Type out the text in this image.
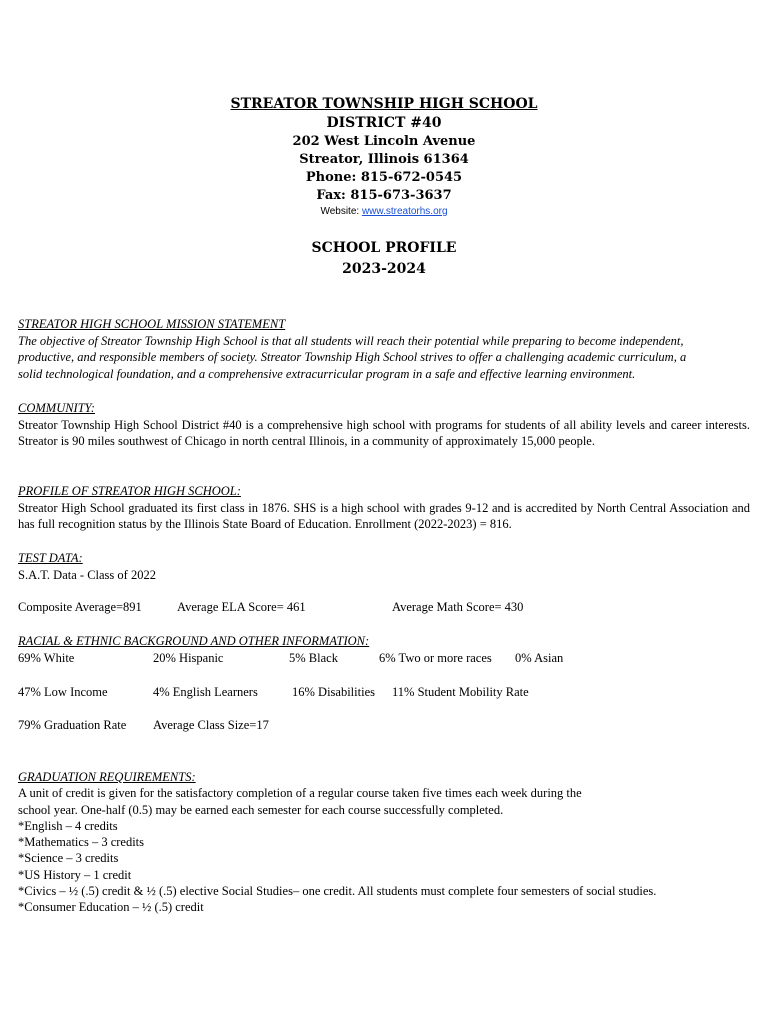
STREATOR TOWNSHIP HIGH SCHOOL
DISTRICT #40
202 West Lincoln Avenue
Streator, Illinois 61364
Phone: 815-672-0545
Fax: 815-673-3637
Website: www.streatorhs.org
SCHOOL PROFILE
2023-2024
STREATOR HIGH SCHOOL MISSION STATEMENT
The objective of Streator Township High School is that all students will reach their potential while preparing to become independent,
productive, and responsible members of society. Streator Township High School strives to offer a challenging academic curriculum, a
solid technological foundation, and a comprehensive extracurricular program in a safe and effective learning environment.
COMMUNITY:
Streator Township High School District #40 is a comprehensive high school with programs for students of all ability levels and career interests. Streator is 90 miles southwest of Chicago in north central Illinois, in a community of approximately 15,000 people.
PROFILE OF STREATOR HIGH SCHOOL:
Streator High School graduated its first class in 1876. SHS is a high school with grades 9-12 and is accredited by North Central Association and has full recognition status by the Illinois State Board of Education. Enrollment (2022-2023) = 816.
TEST DATA:
S.A.T. Data - Class of 2022
Composite Average=891	Average ELA Score= 461	Average Math Score= 430
RACIAL & ETHNIC BACKGROUND AND OTHER INFORMATION:
69% White	20% Hispanic	5% Black	6% Two or more races 0% Asian
47% Low Income	4% English Learners	16% Disabilities 11% Student Mobility Rate
79% Graduation Rate Average Class Size=17
GRADUATION REQUIREMENTS:
A unit of credit is given for the satisfactory completion of a regular course taken five times each week during the
school year. One-half (0.5) may be earned each semester for each course successfully completed.
*English – 4 credits
*Mathematics – 3 credits
*Science – 3 credits
*US History – 1 credit
*Civics – ½ (.5) credit & ½ (.5) elective Social Studies– one credit. All students must complete four semesters of social studies.
*Consumer Education – ½ (.5) credit
